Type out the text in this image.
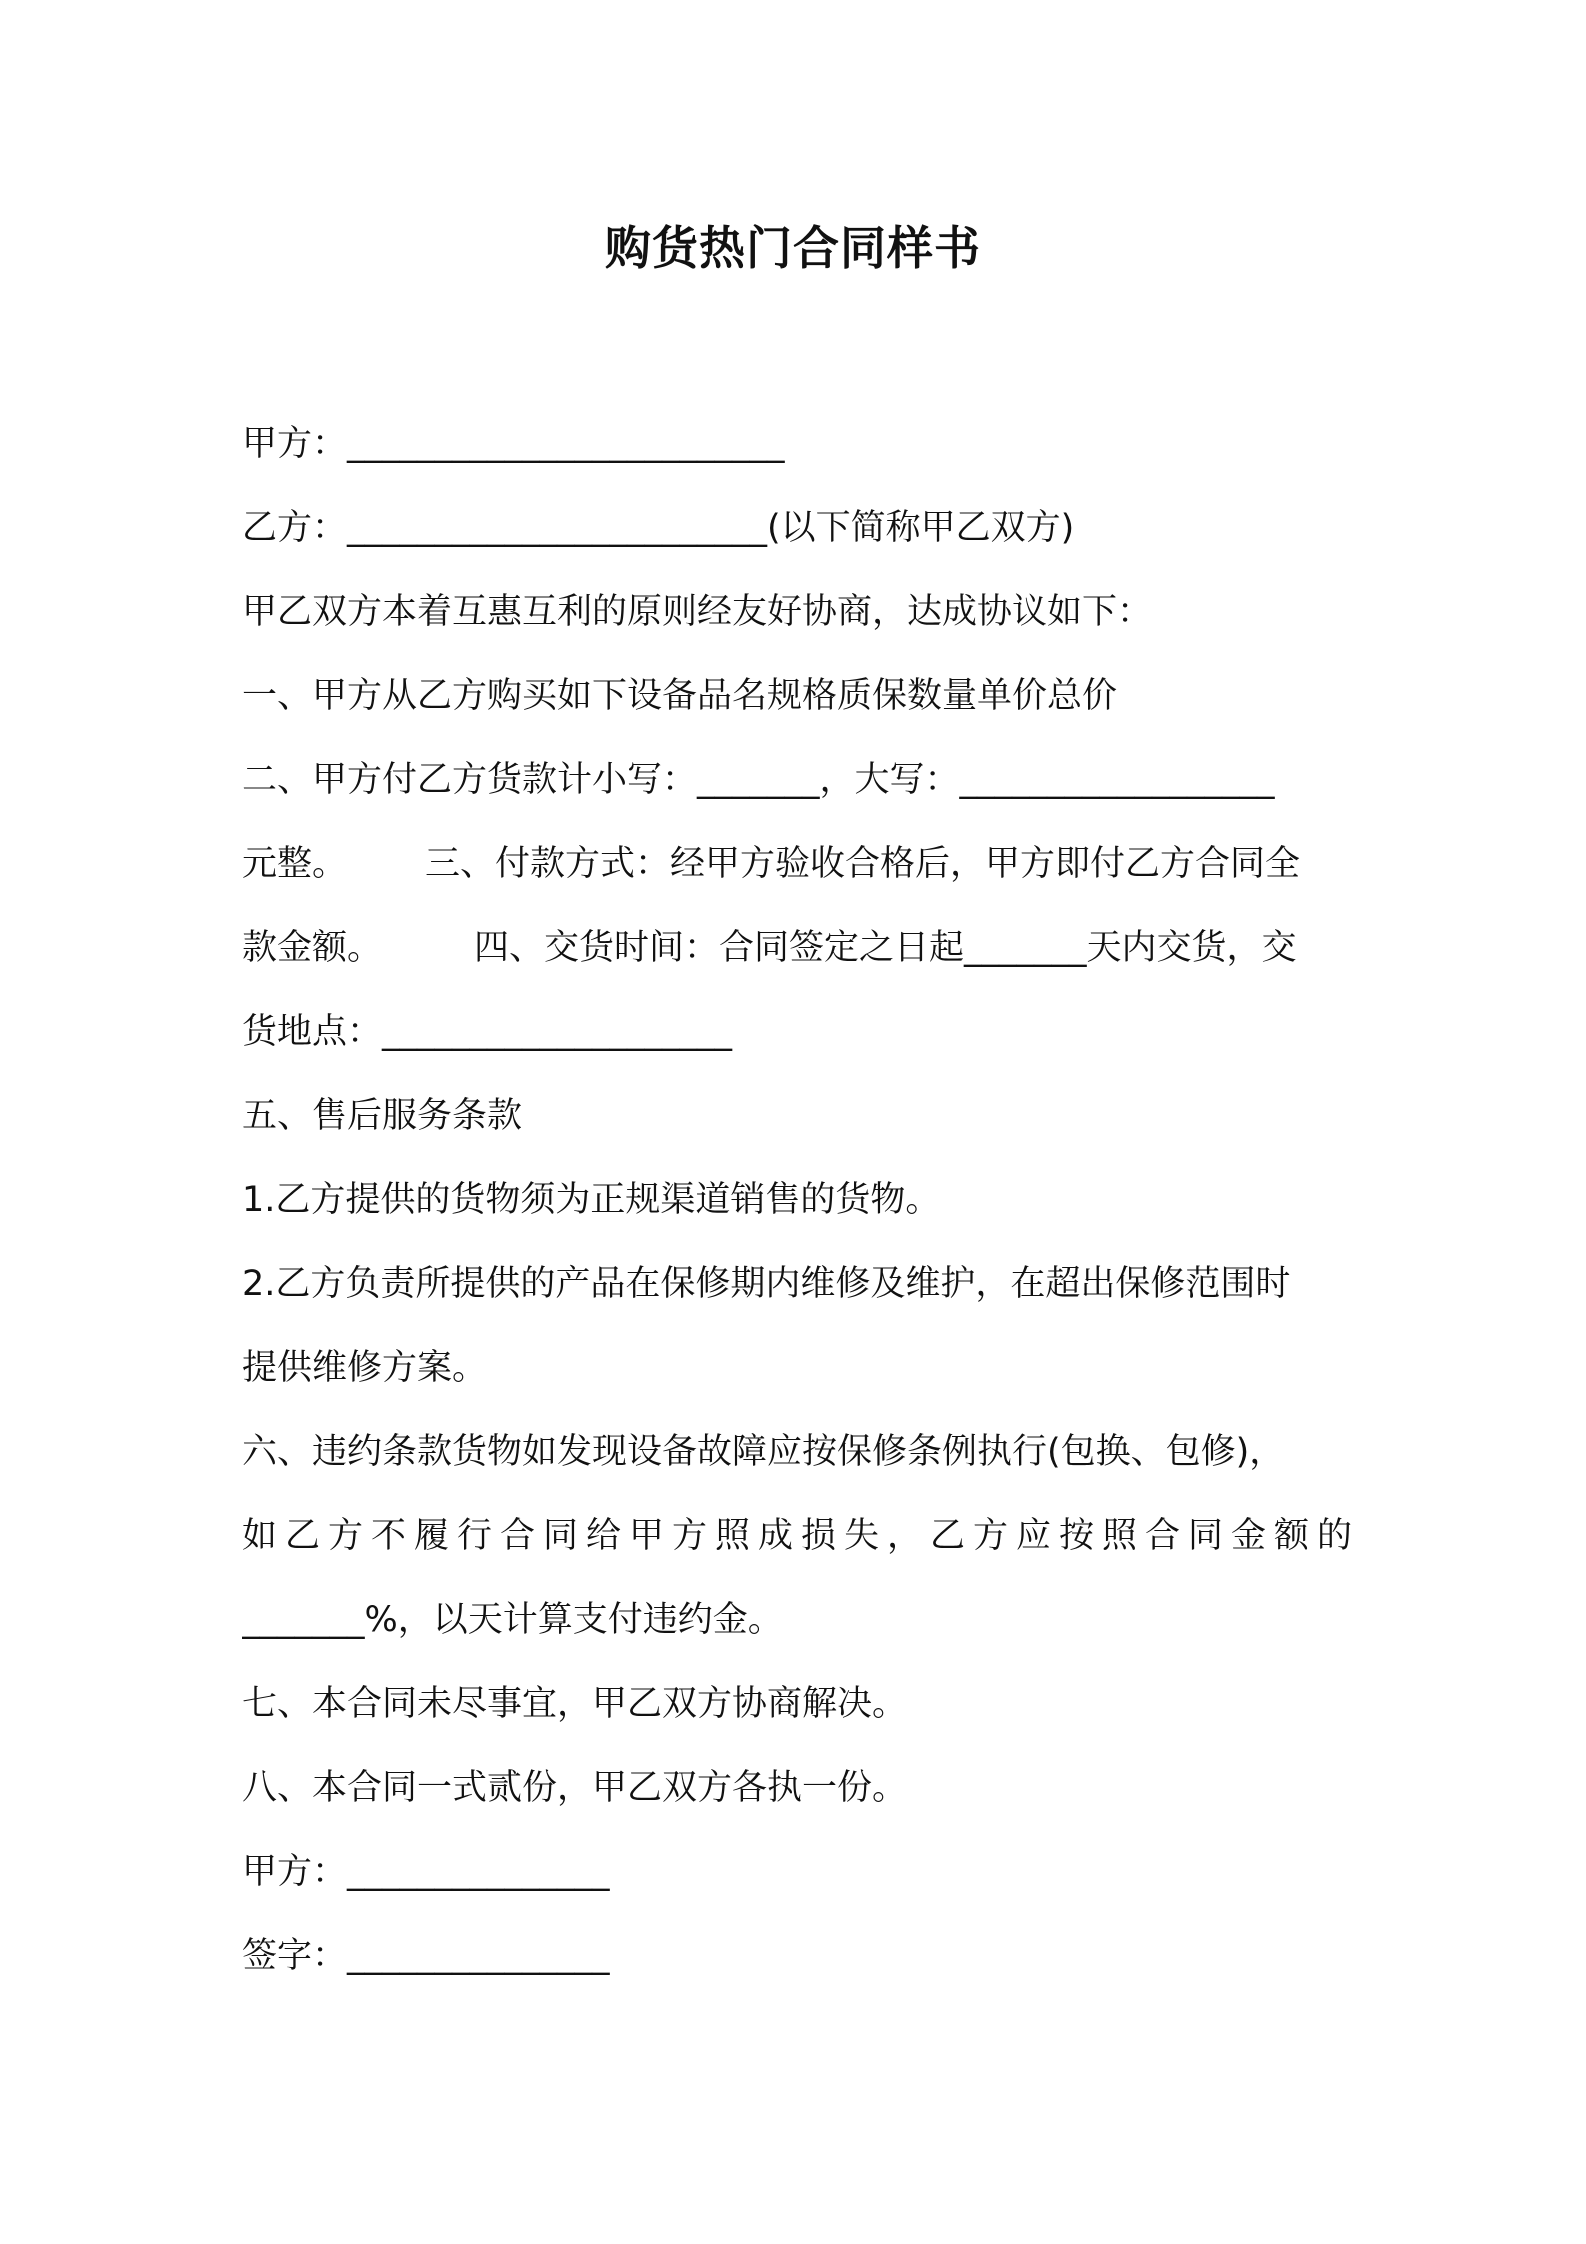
购货热门合同样书
甲方：_________________________
乙方：________________________(以下简称甲乙双方)
甲乙双方本着互惠互利的原则经友好协商，达成协议如下：
一、甲方从乙方购买如下设备品名规格质保数量单价总价
二、甲方付乙方货款计小写：_______，大写：__________________
元整。 三、付款方式：经甲方验收合格后，甲方即付乙方合同全
款金额。	四、交货时间：合同签定之日起_______天内交货，交
货地点：____________________
五、售后服务条款
1.乙方提供的货物须为正规渠道销售的货物。
2.乙方负责所提供的产品在保修期内维修及维护，在超出保修范围时
提供维修方案。
六、违约条款货物如发现设备故障应按保修条例执行(包换、包修)，
如乙方不履行合同给甲方照成损失，乙方应按照合同金额的
_______%，以天计算支付违约金。
七、本合同未尽事宜，甲乙双方协商解决。
八、本合同一式贰份，甲乙双方各执一份。
甲方：_______________
签字：_______________
